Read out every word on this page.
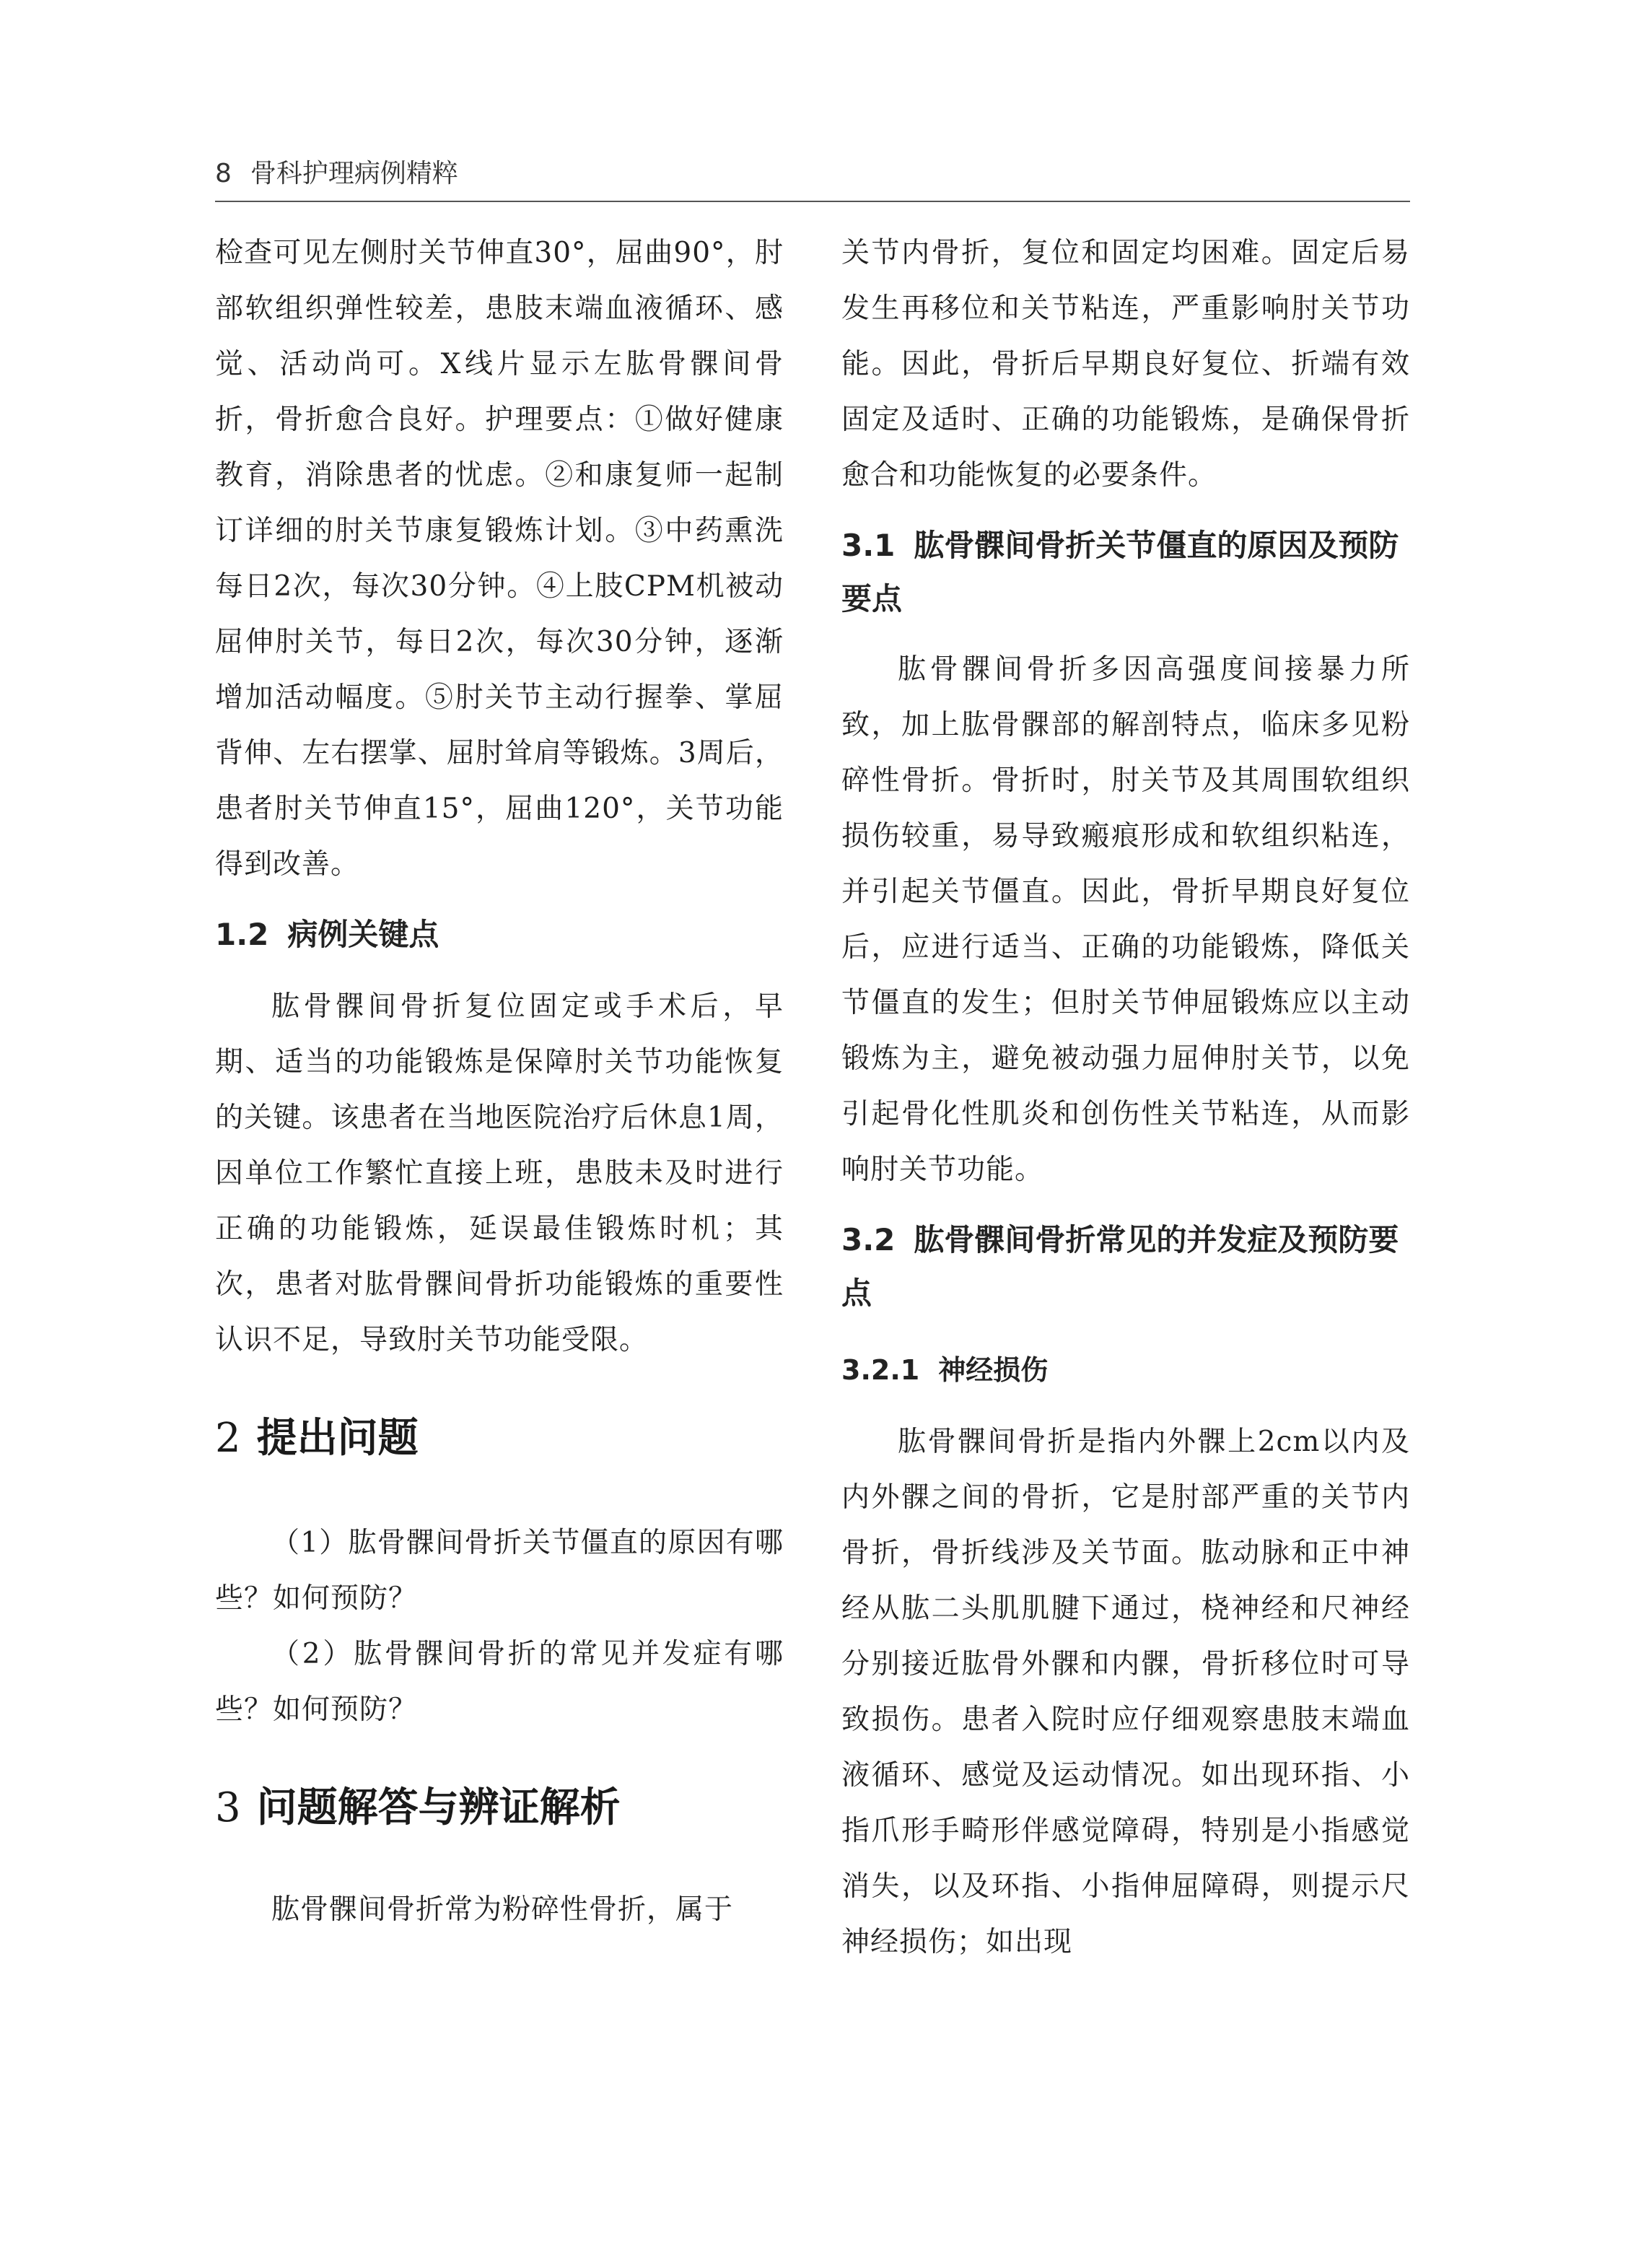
8 骨科护理病例精粹

检查可见左侧肘关节伸直30°，屈曲90°，肘部软组织弹性较差，患肢末端血液循环、感觉、活动尚可。X线片显示左肱骨髁间骨折，骨折愈合良好。护理要点：①做好健康教育，消除患者的忧虑。②和康复师一起制订详细的肘关节康复锻炼计划。③中药熏洗每日2次，每次30分钟。④上肢CPM机被动屈伸肘关节，每日2次，每次30分钟，逐渐增加活动幅度。⑤肘关节主动行握拳、掌屈背伸、左右摆掌、屈肘耸肩等锻炼。3周后，患者肘关节伸直15°，屈曲120°，关节功能得到改善。

1.2 病例关键点

肱骨髁间骨折复位固定或手术后，早期、适当的功能锻炼是保障肘关节功能恢复的关键。该患者在当地医院治疗后休息1周，因单位工作繁忙直接上班，患肢未及时进行正确的功能锻炼，延误最佳锻炼时机；其次，患者对肱骨髁间骨折功能锻炼的重要性认识不足，导致肘关节功能受限。

2 提出问题

（1）肱骨髁间骨折关节僵直的原因有哪些？如何预防？

（2）肱骨髁间骨折的常见并发症有哪些？如何预防？

3 问题解答与辨证解析

肱骨髁间骨折常为粉碎性骨折，属于

关节内骨折，复位和固定均困难。固定后易发生再移位和关节粘连，严重影响肘关节功能。因此，骨折后早期良好复位、折端有效固定及适时、正确的功能锻炼，是确保骨折愈合和功能恢复的必要条件。

3.1 肱骨髁间骨折关节僵直的原因及预防要点

肱骨髁间骨折多因高强度间接暴力所致，加上肱骨髁部的解剖特点，临床多见粉碎性骨折。骨折时，肘关节及其周围软组织损伤较重，易导致瘢痕形成和软组织粘连，并引起关节僵直。因此，骨折早期良好复位后，应进行适当、正确的功能锻炼，降低关节僵直的发生；但肘关节伸屈锻炼应以主动锻炼为主，避免被动强力屈伸肘关节，以免引起骨化性肌炎和创伤性关节粘连，从而影响肘关节功能。

3.2 肱骨髁间骨折常见的并发症及预防要点
3.2.1 神经损伤

肱骨髁间骨折是指内外髁上2cm以内及内外髁之间的骨折，它是肘部严重的关节内骨折，骨折线涉及关节面。肱动脉和正中神经从肱二头肌肌腱下通过，桡神经和尺神经分别接近肱骨外髁和内髁，骨折移位时可导致损伤。患者入院时应仔细观察患肢末端血液循环、感觉及运动情况。如出现环指、小指爪形手畸形伴感觉障碍，特别是小指感觉消失，以及环指、小指伸屈障碍，则提示尺神经损伤；如出现
